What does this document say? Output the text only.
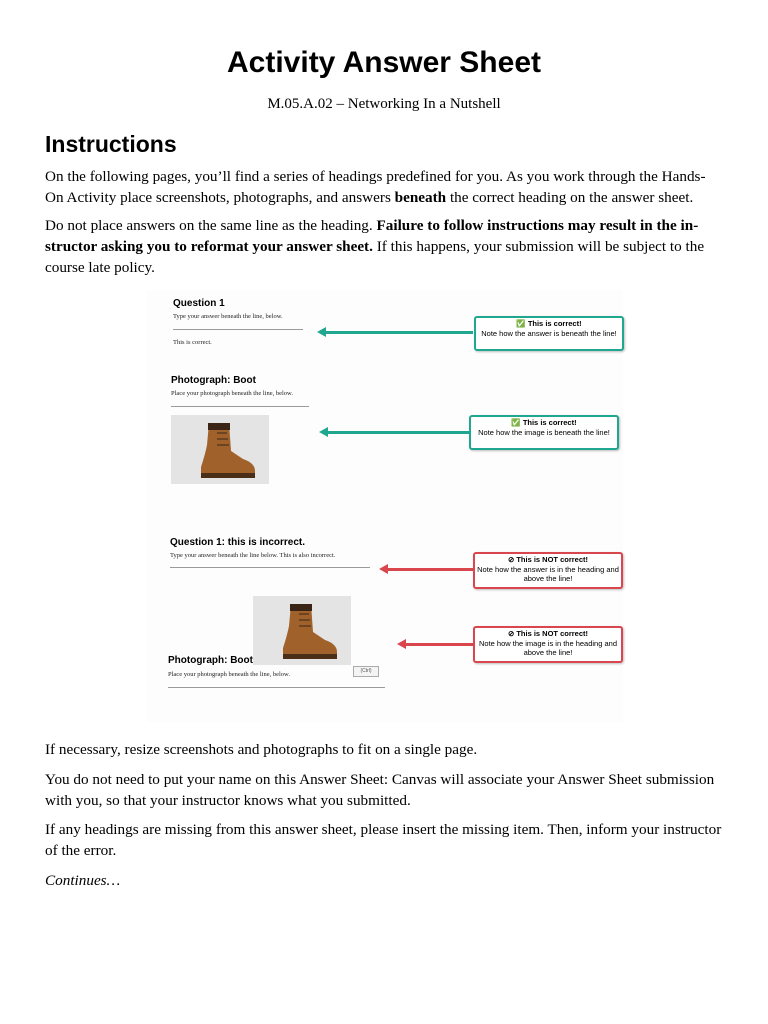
Activity Answer Sheet
M.05.A.02 – Networking In a Nutshell
Instructions

On the following pages, you’ll find a series of headings predefined for you. As you work through the Hands-On Activity place screenshots, photographs, and answers beneath the correct heading on the answer sheet.

Do not place answers on the same line as the heading. Failure to follow instructions may result in the in-structor asking you to reformat your answer sheet. If this happens, your submission will be subject to the course late policy.

If necessary, resize screenshots and photographs to fit on a single page.

You do not need to put your name on this Answer Sheet: Canvas will associate your Answer Sheet submission with you, so that your instructor knows what you submitted.

If any headings are missing from this answer sheet, please insert the missing item. Then, inform your instructor of the error.

Continues…

Question 1
Type your answer beneath the line, below.
This is correct.
✅ This is correct!
Note how the answer is beneath the line!
Photograph: Boot
Place your photograph beneath the line, below.
✅ This is correct!
Note how the image is beneath the line!
Question 1: this is incorrect.
Type your answer beneath the line below. This is also incorrect.	⊘ This is NOT correct!
Note how the answer is in the heading and above the line!
Photograph: Boot
(Ctrl)
Place your photograph beneath the line, below.
⊘ This is NOT correct!
Note how the image is in the heading and above the line!
